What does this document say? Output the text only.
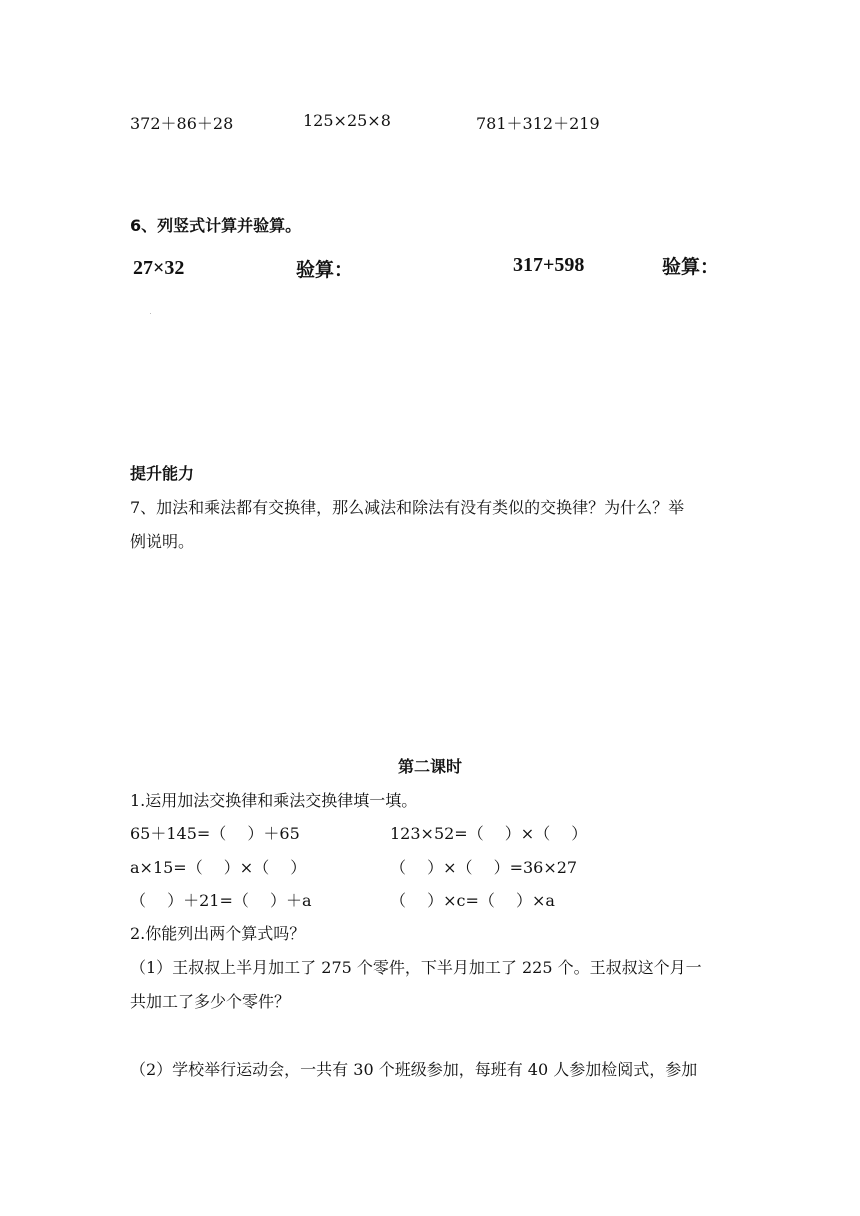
372＋86＋28	125×25×8	781＋312＋219
6、列竖式计算并验算。
27×32	验算：	317+598	验算：
提升能力
7、加法和乘法都有交换律，那么减法和除法有没有类似的交换律？为什么？举
例说明。
第二课时
1.运用加法交换律和乘法交换律填一填。
65＋145=（　 ）＋65	123×52=（　 ）×（　 ）
a×15=（　 ）×（　 ）	（　 ）×（　 ）=36×27
（　 ）＋21=（　 ）＋a	（　 ）×c=（　 ）×a
2.你能列出两个算式吗？
（1）王叔叔上半月加工了 275 个零件，下半月加工了 225 个。王叔叔这个月一
共加工了多少个零件？
（2）学校举行运动会，一共有 30 个班级参加，每班有 40 人参加检阅式，参加
